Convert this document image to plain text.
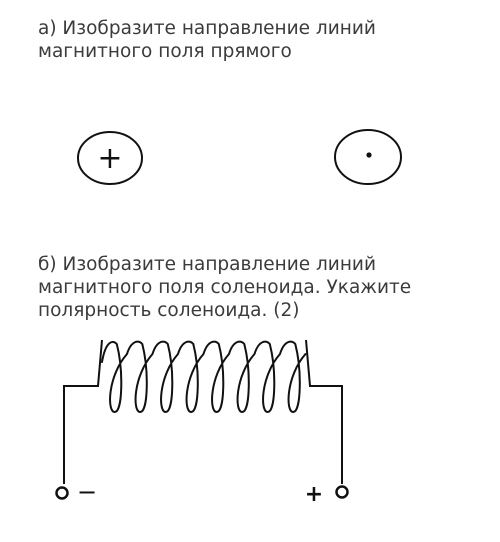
а) Изобразите направление линий
магнитного поля прямого
+
б) Изобразите направление линий
магнитного поля соленоида. Укажите
полярность соленоида. (2)
−	+
